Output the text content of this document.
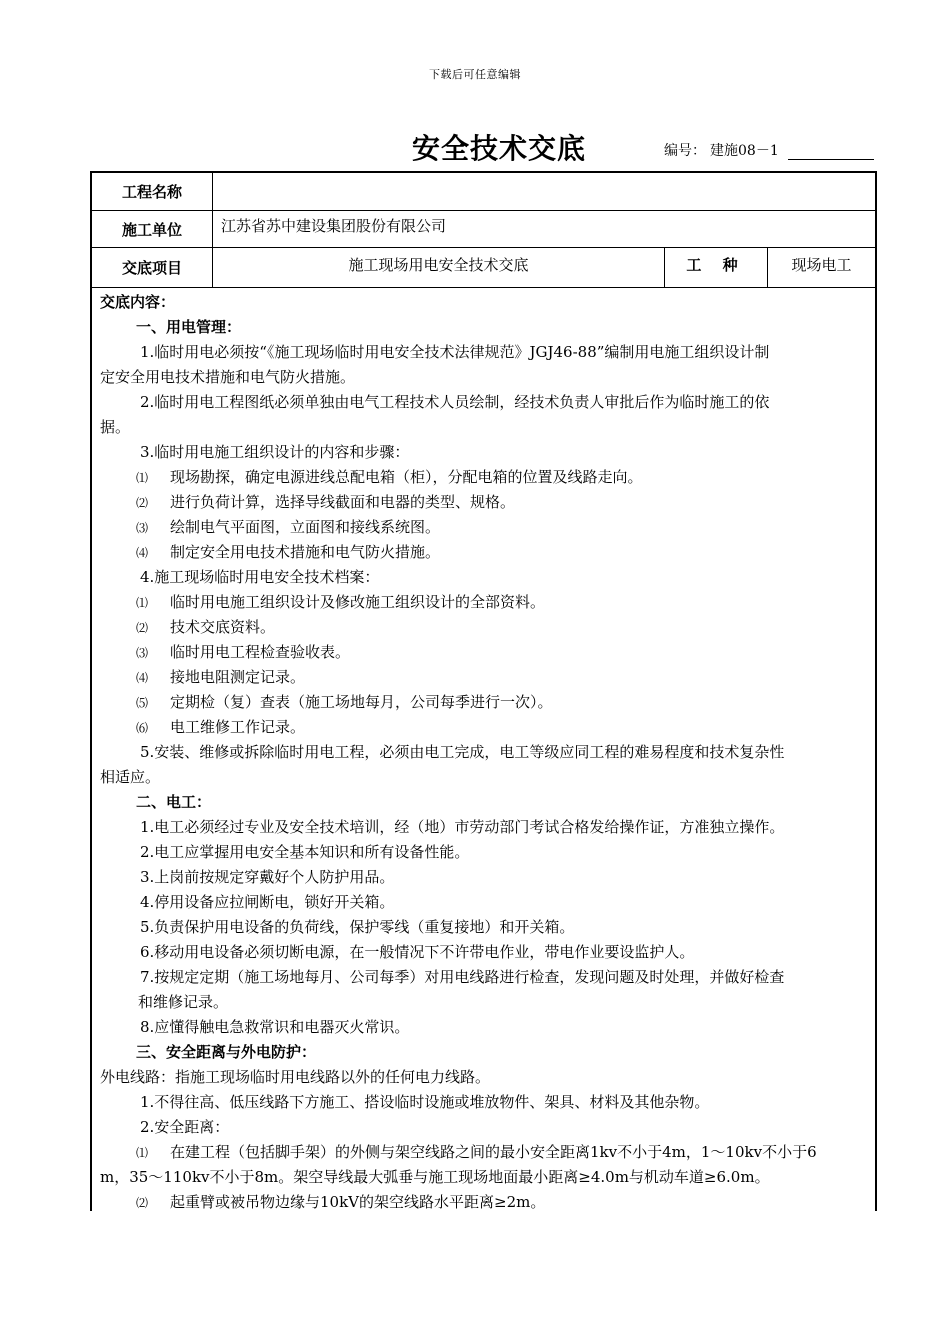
下载后可任意编辑
安全技术交底	编号： 建施08－1
工程名称
施工单位	江苏省苏中建设集团股份有限公司
交底项目	施工现场用电安全技术交底	工 种	现场电工
交底内容：
一、用电管理：
1.临时用电必须按“《施工现场临时用电安全技术法律规范》JGJ46-88”编制用电施工组织设计制
定安全用电技术措施和电气防火措施。
2.临时用电工程图纸必须单独由电气工程技术人员绘制，经技术负责人审批后作为临时施工的依
据。
3.临时用电施工组织设计的内容和步骤：
⑴ 现场勘探，确定电源进线总配电箱（柜），分配电箱的位置及线路走向。
⑵ 进行负荷计算，选择导线截面和电器的类型、规格。
⑶ 绘制电气平面图，立面图和接线系统图。
⑷ 制定安全用电技术措施和电气防火措施。
4.施工现场临时用电安全技术档案：
⑴ 临时用电施工组织设计及修改施工组织设计的全部资料。
⑵ 技术交底资料。
⑶ 临时用电工程检查验收表。
⑷ 接地电阻测定记录。
⑸ 定期检（复）查表（施工场地每月，公司每季进行一次）。
⑹ 电工维修工作记录。
5.安装、维修或拆除临时用电工程，必须由电工完成，电工等级应同工程的难易程度和技术复杂性
相适应。
二、电工：
1.电工必须经过专业及安全技术培训，经（地）市劳动部门考试合格发给操作证，方准独立操作。
2.电工应掌握用电安全基本知识和所有设备性能。
3.上岗前按规定穿戴好个人防护用品。
4.停用设备应拉闸断电，锁好开关箱。
5.负责保护用电设备的负荷线，保护零线（重复接地）和开关箱。
6.移动用电设备必须切断电源，在一般情况下不许带电作业，带电作业要设监护人。
7.按规定定期（施工场地每月、公司每季）对用电线路进行检查，发现问题及时处理，并做好检查
和维修记录。
8.应懂得触电急救常识和电器灭火常识。
三、安全距离与外电防护：
外电线路：指施工现场临时用电线路以外的任何电力线路。
1.不得往高、低压线路下方施工、搭设临时设施或堆放物件、架具、材料及其他杂物。
2.安全距离：
⑴ 在建工程（包括脚手架）的外侧与架空线路之间的最小安全距离1kv不小于4m，1～10kv不小于6
m，35～110kv不小于8m。架空导线最大弧垂与施工现场地面最小距离≥4.0m与机动车道≥6.0m。
⑵ 起重臂或被吊物边缘与10kV的架空线路水平距离≥2m。
